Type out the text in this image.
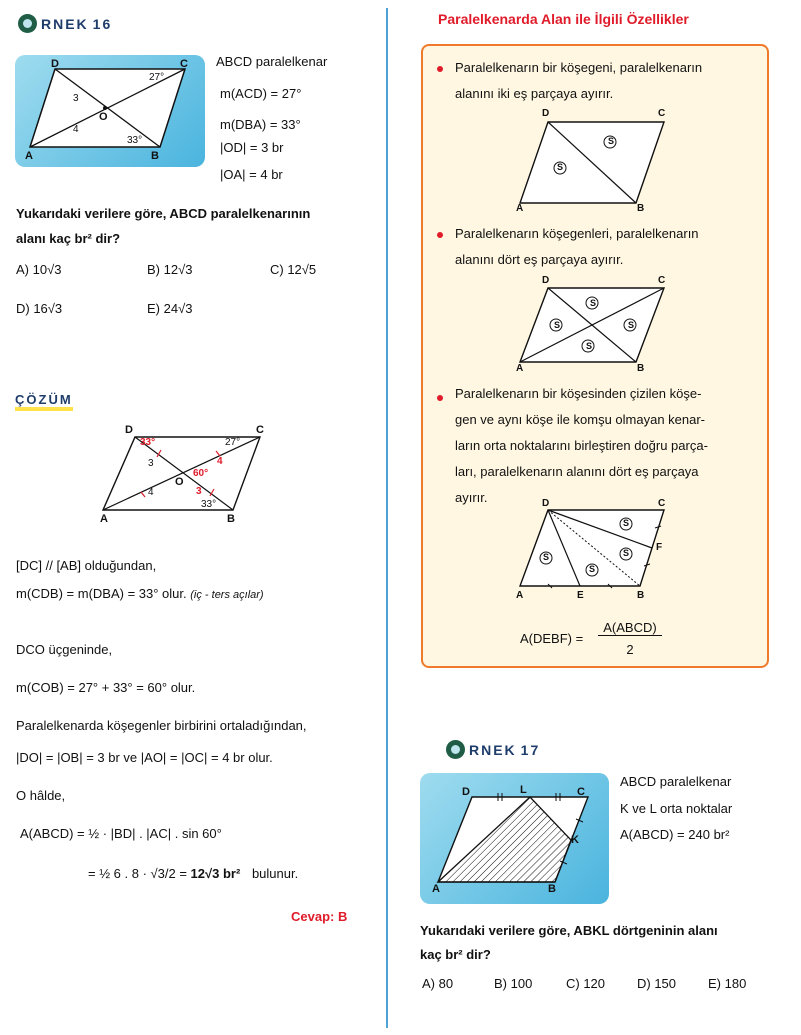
RNEK 16
D	C
A	B
O
3
4
27°
33°
ABCD paralelkenar
m(ACD) = 27°
m(DBA) = 33°
|OD| = 3 br
|OA| = 4 br
Yukarıdaki verilere göre, ABCD paralelkenarının
alanı kaç br² dir?
A) 10√3	B) 12√3	C) 12√5
D) 16√3	E) 24√3
ÇÖZÜM
D	C
A	B
O
33°	27°
60°
33°
3
4
4
3
[DC] // [AB] olduğundan,
m(CDB) = m(DBA) = 33° olur. (iç - ters açılar)
DCO üçgeninde,
m(COB) = 27° + 33° = 60° olur.
Paralelkenarda köşegenler birbirini ortaladığından,
|DO| = |OB| = 3 br ve |AO| = |OC| = 4 br olur.
O hâlde,
A(ABCD) = ½ · |BD| . |AC| . sin 60°
= ½ 6 . 8 · √3/2 = 12√3 br² bulunur.
Cevap: B
Paralelkenarda Alan ile İlgili Özellikler
Paralelkenarın bir köşegeni, paralelkenarın
alanını iki eş parçaya ayırır.
S
S
D	C
A	B
Paralelkenarın köşegenleri, paralelkenarın
alanını dört eş parçaya ayırır.
S
S	S
S
D	C
A	B
Paralelkenarın bir köşesinden çizilen köşe-
gen ve aynı köşe ile komşu olmayan kenar-
ların orta noktalarını birleştiren doğru parça-
ları, paralelkenarın alanını dört eş parçaya
ayırır.
S
S	S
S
D	C
A	E	B
F
A(DEBF) =
A(ABCD)
2
RNEK 17
D	L	C
K
A	B
ABCD paralelkenar
K ve L orta noktalar
A(ABCD) = 240 br²
Yukarıdaki verilere göre, ABKL dörtgeninin alanı
kaç br² dir?
A) 80	B) 100	C) 120 D) 150 E) 180
